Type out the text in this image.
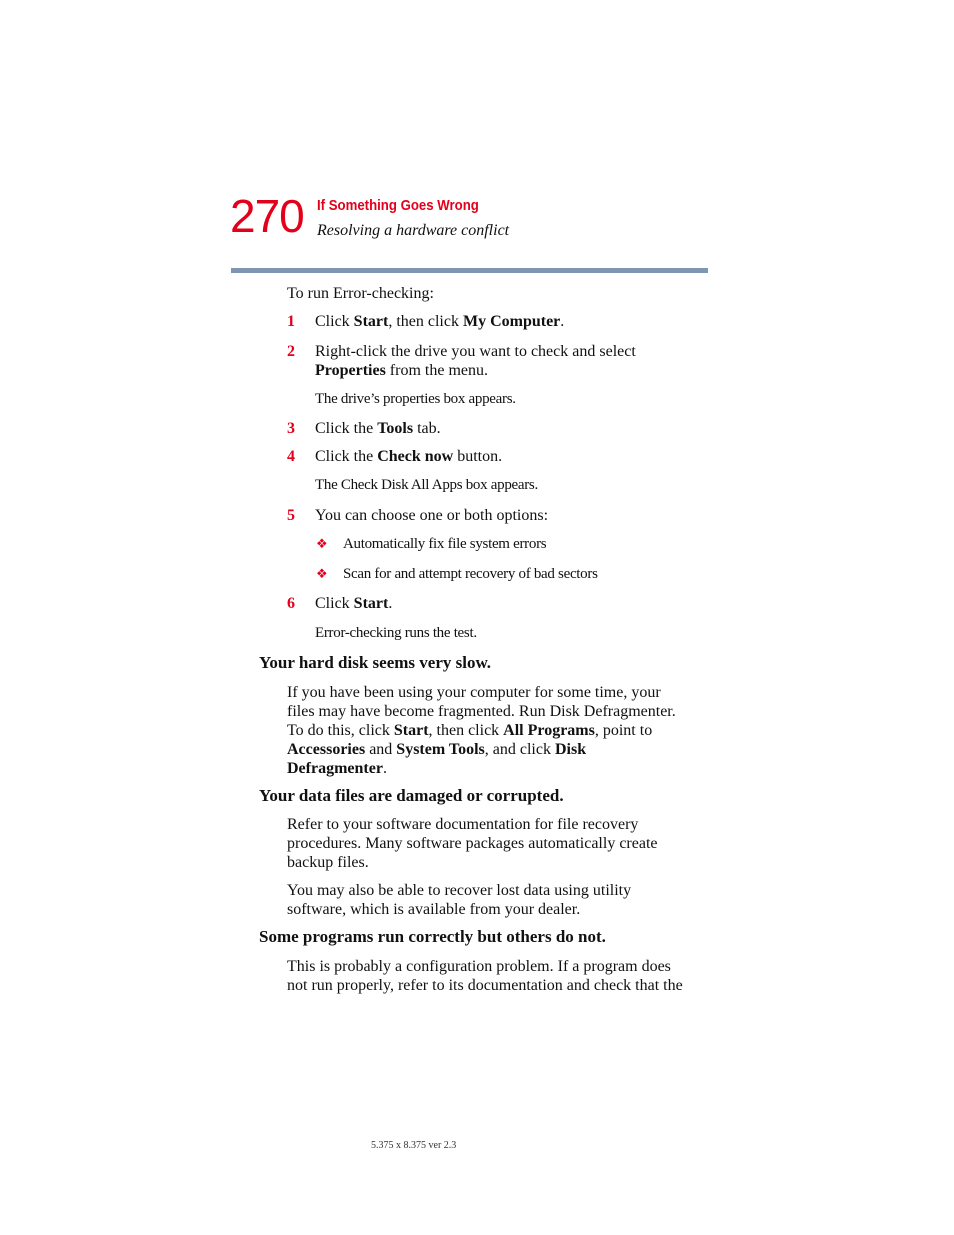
270 If Something Goes Wrong
Resolving a hardware conflict

To run Error-checking:

1 Click Start, then click My Computer.

2 Right-click the drive you want to check and select
Properties from the menu.

The drive’s properties box appears.

3 Click the Tools tab.

4 Click the Check now button.

The Check Disk All Apps box appears.

5 You can choose one or both options:

❖ Automatically fix file system errors

❖ Scan for and attempt recovery of bad sectors

6 Click Start.

Error-checking runs the test.

Your hard disk seems very slow.

If you have been using your computer for some time, your
files may have become fragmented. Run Disk Defragmenter.
To do this, click Start, then click All Programs, point to
Accessories and System Tools, and click Disk
Defragmenter.

Your data files are damaged or corrupted.

Refer to your software documentation for file recovery
procedures. Many software packages automatically create
backup files.

You may also be able to recover lost data using utility
software, which is available from your dealer.

Some programs run correctly but others do not.

This is probably a configuration problem. If a program does
not run properly, refer to its documentation and check that the

5.375 x 8.375 ver 2.3
